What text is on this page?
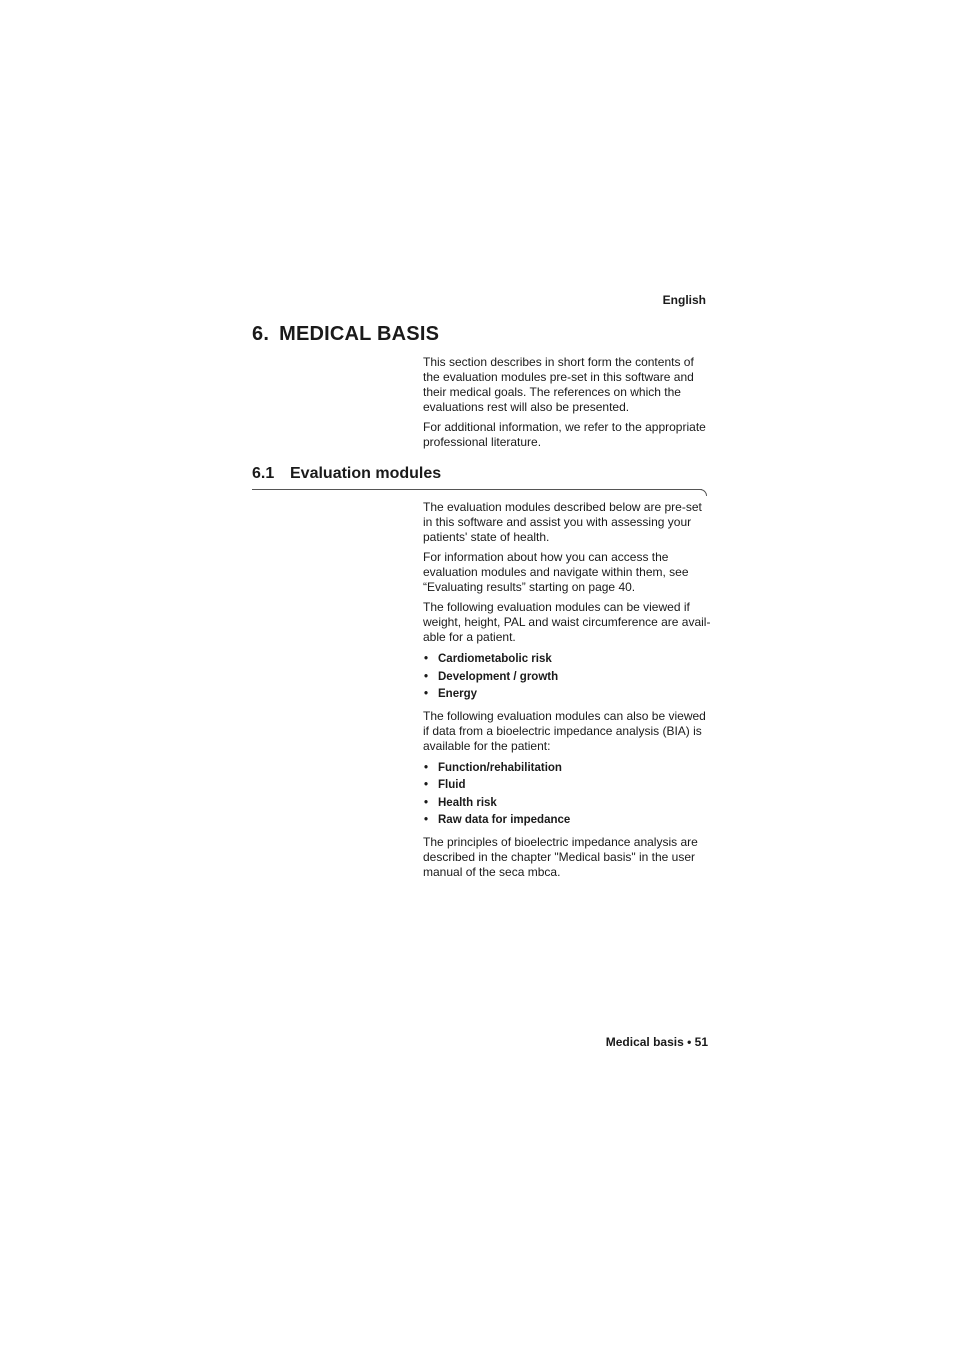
English
6. MEDICAL BASIS

This section describes in short form the contents of the evaluation modules pre-set in this software and their medical goals. The references on which the evaluations rest will also be presented.

For additional information, we refer to the appropriate professional literature.

6.1 Evaluation modules

The evaluation modules described below are pre-set in this software and assist you with assessing your patients' state of health.

For information about how you can access the evaluation modules and navigate within them, see “Evaluating results” starting on page 40.

The following evaluation modules can be viewed if weight, height, PAL and waist circumference are avail-able for a patient.

• Cardiometabolic risk
• Development / growth
• Energy

The following evaluation modules can also be viewed if data from a bioelectric impedance analysis (BIA) is available for the patient:

• Function/rehabilitation
• Fluid
• Health risk
• Raw data for impedance

The principles of bioelectric impedance analysis are described in the chapter "Medical basis" in the user manual of the seca mbca.

Medical basis • 51
